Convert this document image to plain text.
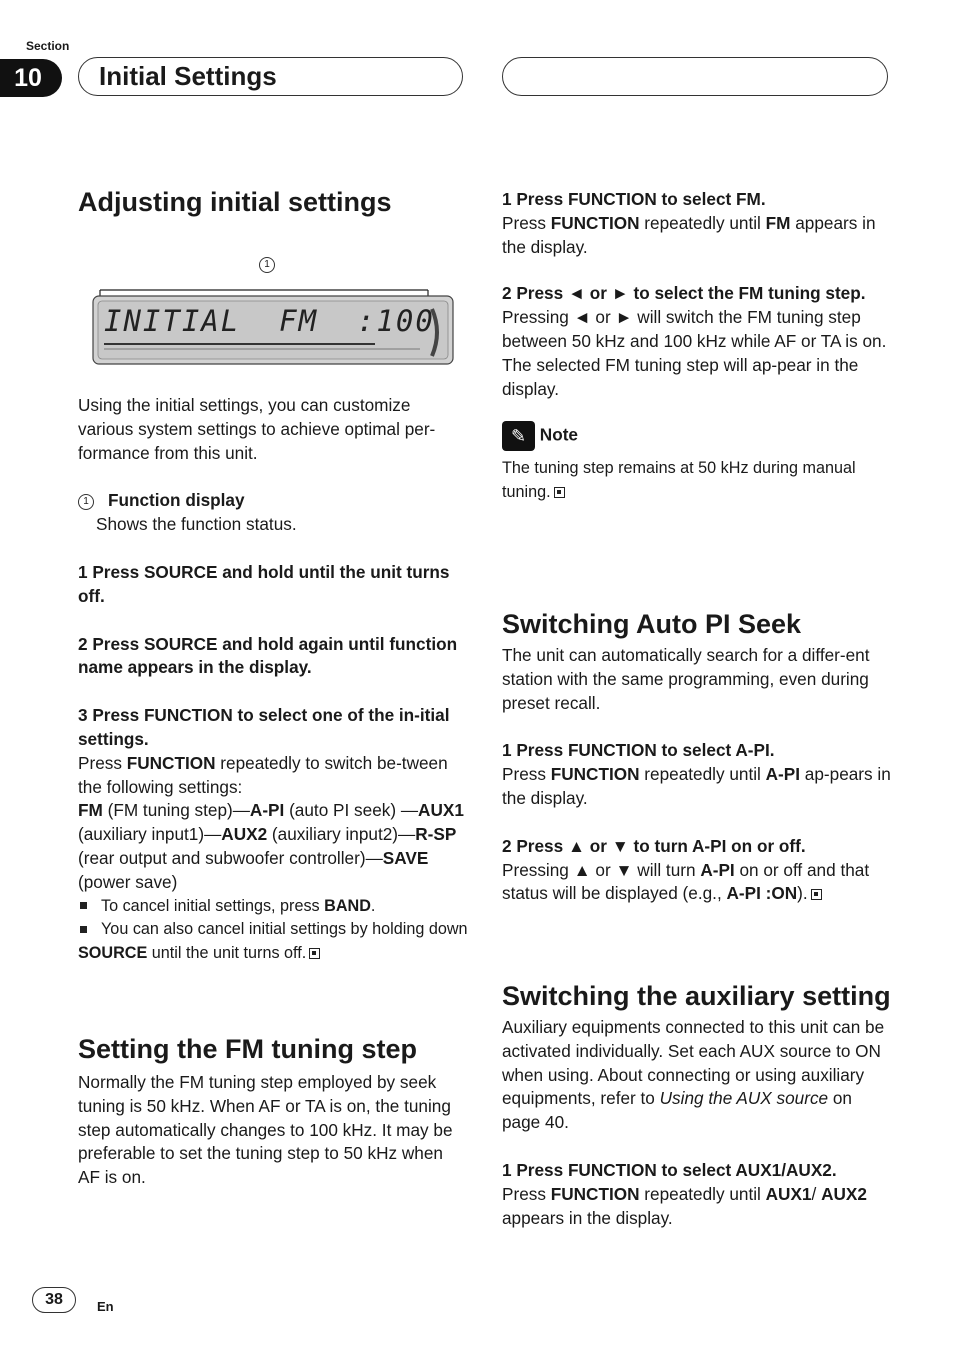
Section
10	Initial Settings
Adjusting initial settings
1
INITIAL  FM  :100

Using the initial settings, you can customize various system settings to achieve optimal per-formance from this unit.

1 Function display

Shows the function status.

1 Press SOURCE and hold until the unit turns off.

2 Press SOURCE and hold again until function name appears in the display.

3 Press FUNCTION to select one of the in-itial settings.

Press FUNCTION repeatedly to switch be-tween the following settings:
FM (FM tuning step)—A-PI (auto PI seek) —AUX1 (auxiliary input1)—AUX2 (auxiliary input2)—R-SP (rear output and subwoofer controller)—SAVE (power save)

To cancel initial settings, press BAND.

You can also cancel initial settings by holding down SOURCE until the unit turns off.

Setting the FM tuning step

Normally the FM tuning step employed by seek tuning is 50 kHz. When AF or TA is on, the tuning step automatically changes to 100 kHz. It may be preferable to set the tuning step to 50 kHz when AF is on.

1 Press FUNCTION to select FM.

Press FUNCTION repeatedly until FM appears in the display.

2 Press ◄ or ► to select the FM tuning step.

Pressing ◄ or ► will switch the FM tuning step between 50 kHz and 100 kHz while AF or TA is on. The selected FM tuning step will ap-pear in the display.

✎ Note

The tuning step remains at 50 kHz during manual tuning.

Switching Auto PI Seek

The unit can automatically search for a differ-ent station with the same programming, even during preset recall.

1 Press FUNCTION to select A-PI.

Press FUNCTION repeatedly until A-PI ap-pears in the display.

2 Press ▲ or ▼ to turn A-PI on or off.

Pressing ▲ or ▼ will turn A-PI on or off and that status will be displayed (e.g., A-PI :ON).

Switching the auxiliary setting

Auxiliary equipments connected to this unit can be activated individually. Set each AUX source to ON when using. About connecting or using auxiliary equipments, refer to Using the AUX source on page 40.

1 Press FUNCTION to select AUX1/AUX2.

Press FUNCTION repeatedly until AUX1/ AUX2 appears in the display.

38	En
